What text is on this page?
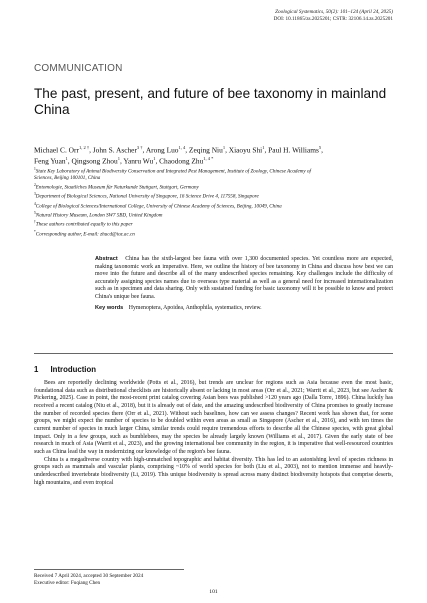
Zoological Systematics, 50(2): 101–124 (April 24, 2025)
DOI: 10.11865/zs.2025201; CSTR: 32106.14.zs.2025201
COMMUNICATION
The past, present, and future of bee taxonomy in mainland China
Michael C. Orr$^{1, 2 \dagger}$, John S. Ascher$^{3 \dagger}$, Arong Luo$^{1, 4}$, Zeqing Niu$^1$, Xiaoyu Shi$^1$, Paul H. Williams$^5$,
Feng Yuan$^1$, Qingsong Zhou$^1$, Yanru Wu$^1$, Chaodong Zhu$^{1, 4 *}$
$^1$State Key Laboratory of Animal Biodiversity Conservation and Integrated Pest Management, Institute of Zoology, Chinese Academy of
Sciences, Beijing 100101, China
$^2$Entomologie, Staatliches Museum für Naturkunde Stuttgart, Stuttgart, Germany
$^3$Department of Biological Sciences, National University of Singapore, 16 Science Drive 4, 117558, Singapore
$^4$College of Biological Sciences/International College, University of Chinese Academy of Sciences, Beijing, 10049, China
$^5$Natural History Museum, London SW7 5BD, United Kingdom
†These authors contributed equally to this paper
*Corresponding author, E-mail: zhucd@ioz.ac.cn
Abstract China has the sixth-largest bee fauna with over 1,300 documented species. Yet countless more are expected, making taxonomic work an imperative. Here, we outline the history of bee taxonomy in China and discuss how best we can move into the future and describe all of the many undescribed species remaining. Key challenges include the difficulty of accurately assigning species names due to overseas type material as well as a general need for increased internationalization such as in specimen and data sharing. Only with sustained funding for basic taxonomy will it be possible to know and protect China's unique bee fauna.
Key words Hymenoptera, Apoidea, Anthophila, systematics, review.
1 Introduction

Bees are reportedly declining worldwide (Potts et al., 2016), but trends are unclear for regions such as Asia because even the most basic, foundational data such as distributional checklists are historically absent or lacking in most areas (Orr et al., 2021; Warrit et al., 2023, but see Ascher & Pickering, 2025). Case in point, the most-recent print catalog covering Asian bees was published >120 years ago (Dalla Torre, 1896). China luckily has received a recent catalog (Niu et al., 2018), but it is already out of date, and the amazing undescribed biodiversity of China promises to greatly increase the number of recorded species there (Orr et al., 2021). Without such baselines, how can we assess changes? Recent work has shown that, for some groups, we might expect the number of species to be doubled within even areas as small as Singapore (Ascher et al., 2016), and with ten times the current number of species in much larger China, similar trends could require tremendous efforts to describe all the Chinese species, with great global impact. Only in a few groups, such as bumblebees, may the species be already largely known (Williams et al., 2017). Given the early state of bee research in much of Asia (Warrit et al., 2023), and the growing international bee community in the region, it is imperative that well-resourced countries such as China lead the way in modernizing our knowledge of the region's bee fauna.

China is a megadiverse country with high-unmatched topographic and habitat diversity. This has led to an astonishing level of species richness in groups such as mammals and vascular plants, comprising ~10% of world species for both (Liu et al., 2003), not to mention immense and heavily-underdescribed invertebrate biodiversity (Li, 2019). This unique biodiversity is spread across many distinct biodiversity hotspots that comprise deserts, high mountains, and even tropical

Received 7 April 2024, accepted 30 September 2024
Executive editor: Fuqiang Chen
101
